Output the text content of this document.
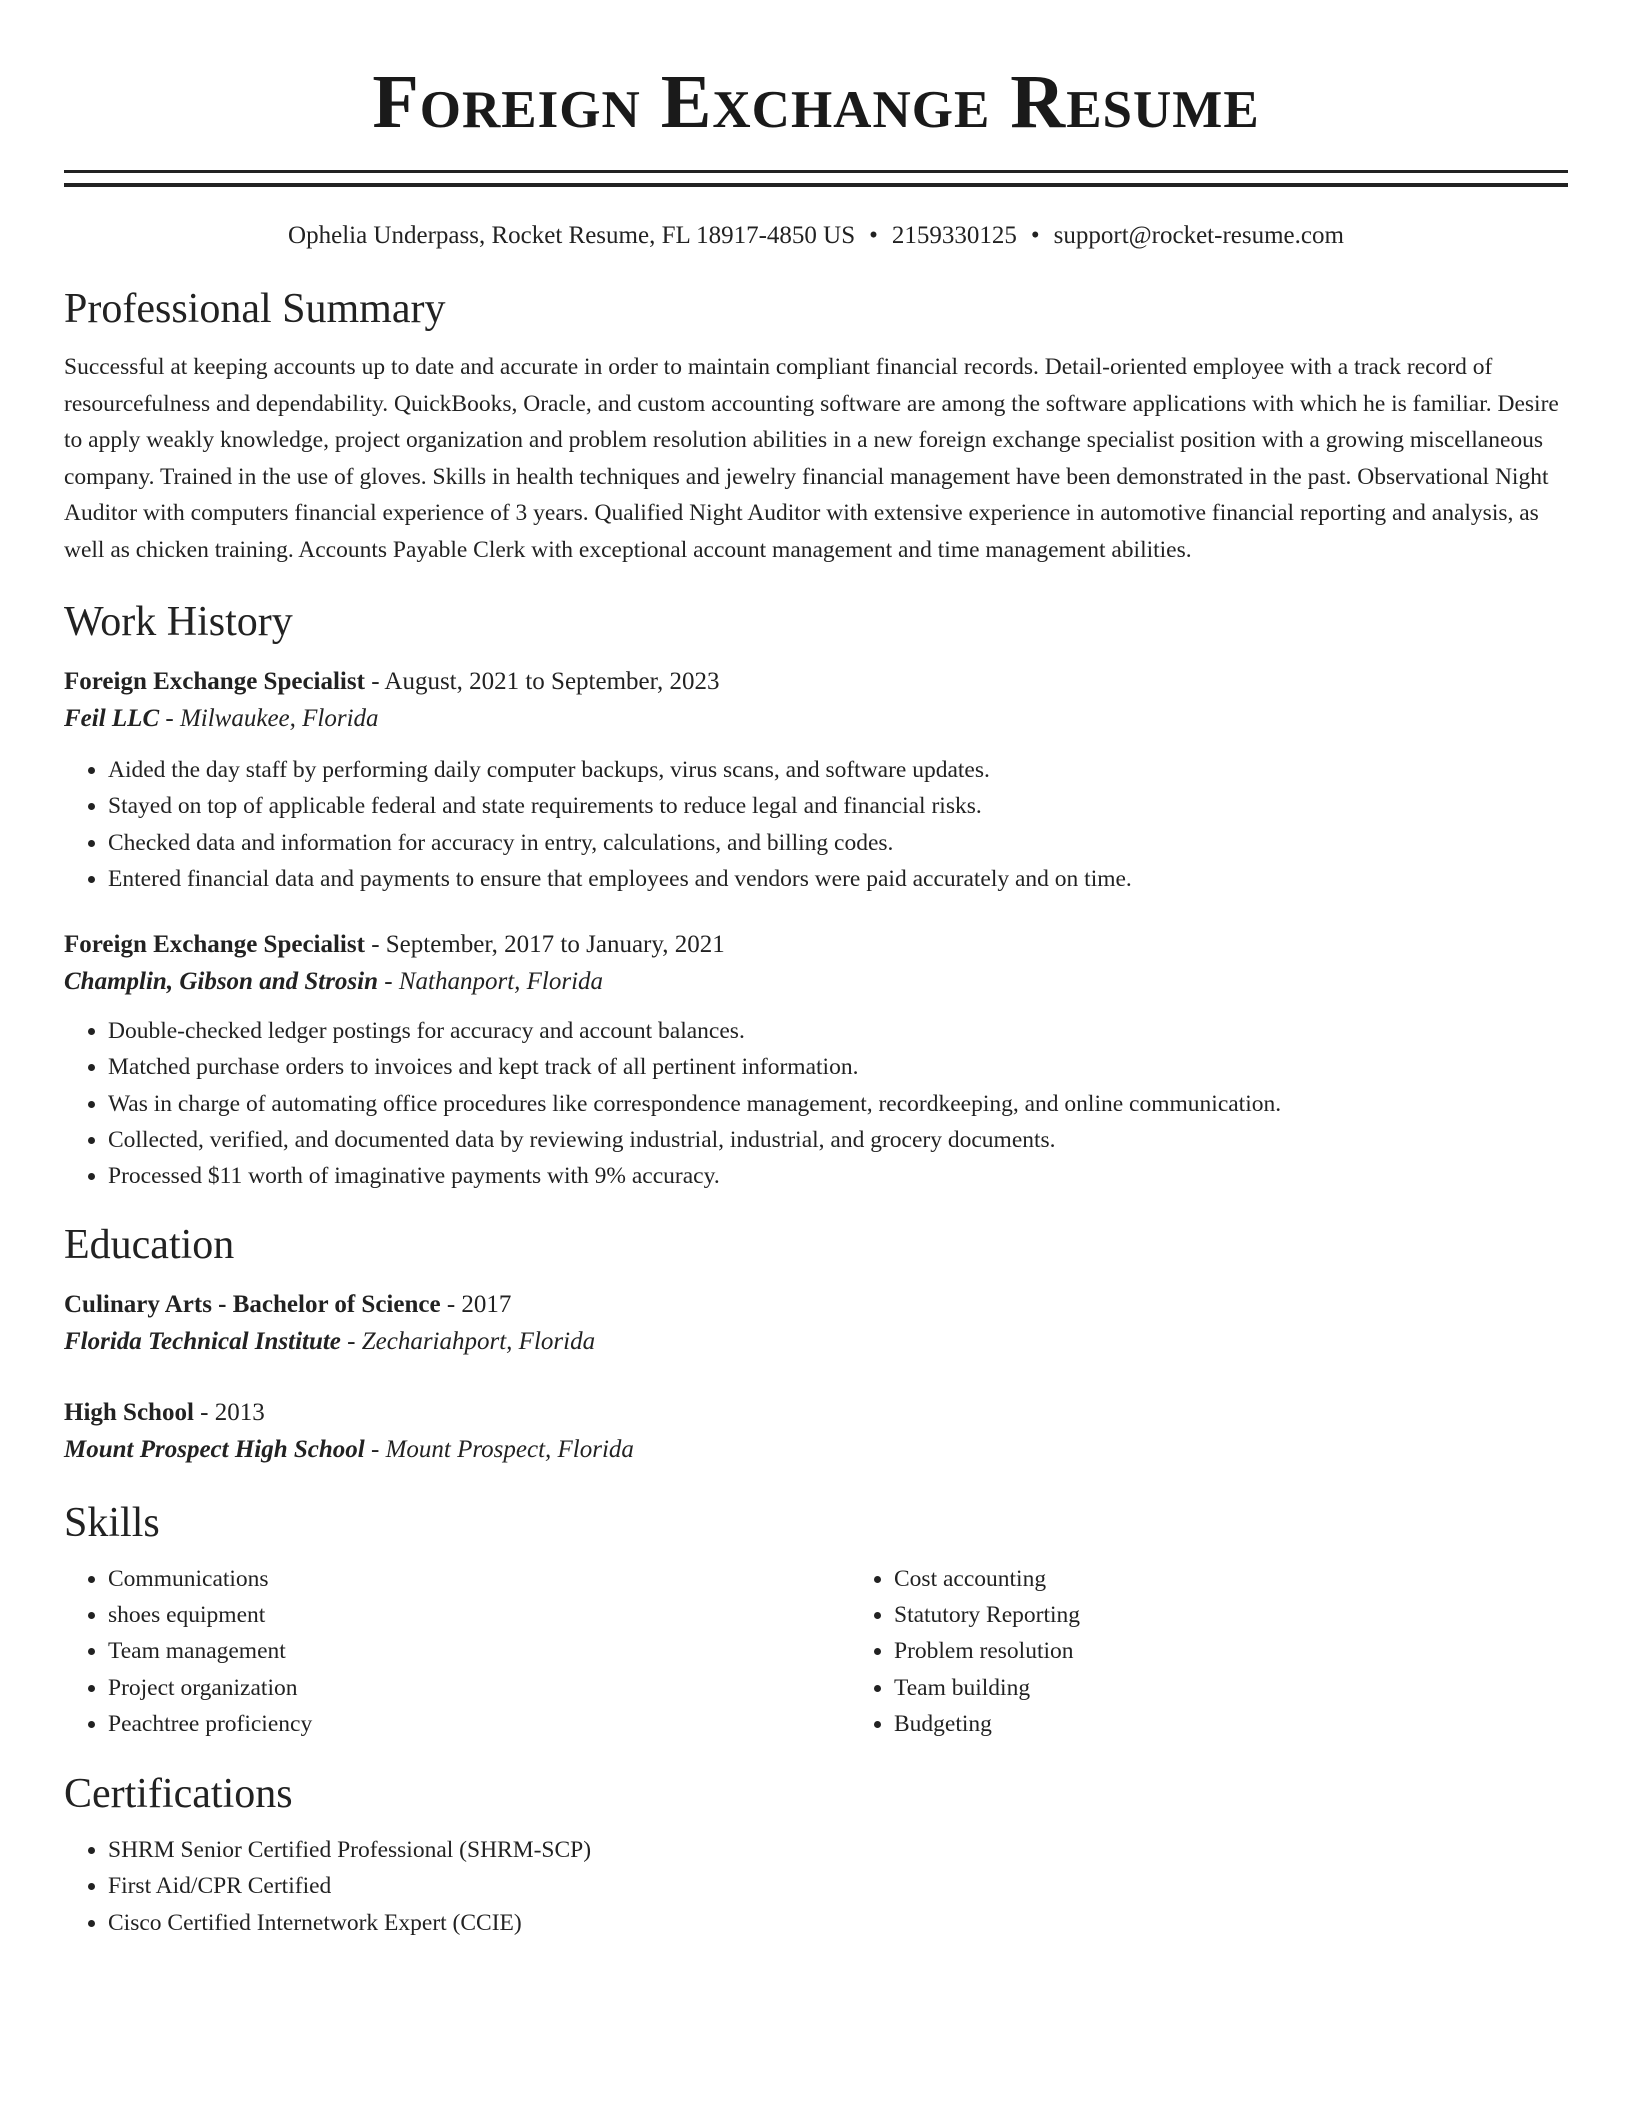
Foreign Exchange Resume
Ophelia Underpass, Rocket Resume, FL 18917-4850 US • 2159330125 • support@rocket-resume.com
Professional Summary
Successful at keeping accounts up to date and accurate in order to maintain compliant financial records. Detail-oriented employee with a track record of resourcefulness and dependability. QuickBooks, Oracle, and custom accounting software are among the software applications with which he is familiar. Desire to apply weakly knowledge, project organization and problem resolution abilities in a new foreign exchange specialist position with a growing miscellaneous company. Trained in the use of gloves. Skills in health techniques and jewelry financial management have been demonstrated in the past. Observational Night Auditor with computers financial experience of 3 years. Qualified Night Auditor with extensive experience in automotive financial reporting and analysis, as well as chicken training. Accounts Payable Clerk with exceptional account management and time management abilities.
Work History
Foreign Exchange Specialist - August, 2021 to September, 2023
Feil LLC - Milwaukee, Florida
• Aided the day staff by performing daily computer backups, virus scans, and software updates.
• Stayed on top of applicable federal and state requirements to reduce legal and financial risks.
• Checked data and information for accuracy in entry, calculations, and billing codes.
• Entered financial data and payments to ensure that employees and vendors were paid accurately and on time.
Foreign Exchange Specialist - September, 2017 to January, 2021
Champlin, Gibson and Strosin - Nathanport, Florida
• Double-checked ledger postings for accuracy and account balances.
• Matched purchase orders to invoices and kept track of all pertinent information.
• Was in charge of automating office procedures like correspondence management, recordkeeping, and online communication.
• Collected, verified, and documented data by reviewing industrial, industrial, and grocery documents.
• Processed $11 worth of imaginative payments with 9% accuracy.
Education
Culinary Arts - Bachelor of Science - 2017
Florida Technical Institute - Zechariahport, Florida
High School - 2013
Mount Prospect High School - Mount Prospect, Florida
Skills
• Communications
• shoes equipment
• Team management
• Project organization
• Peachtree proficiency
• Cost accounting
• Statutory Reporting
• Problem resolution
• Team building
• Budgeting
Certifications
• SHRM Senior Certified Professional (SHRM-SCP)
• First Aid/CPR Certified
• Cisco Certified Internetwork Expert (CCIE)
